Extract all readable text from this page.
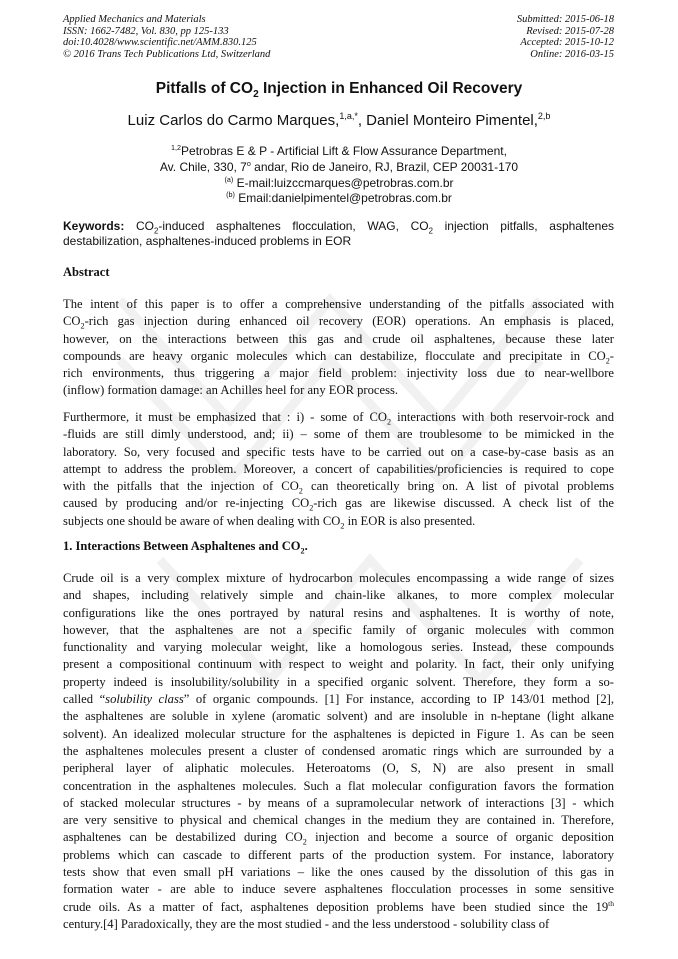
Applied Mechanics and Materials
ISSN: 1662-7482, Vol. 830, pp 125-133
doi:10.4028/www.scientific.net/AMM.830.125
© 2016 Trans Tech Publications Ltd, Switzerland
Submitted: 2015-06-18
Revised: 2015-07-28
Accepted: 2015-10-12
Online: 2016-03-15
Pitfalls of $CO_2$ Injection in Enhanced Oil Recovery
Luiz Carlos do Carmo Marques,$^{1,a,*}$, Daniel Monteiro Pimentel,$^{2,b}$
$^{1,2}$Petrobras E & P - Artificial Lift & Flow Assurance Department,
Av. Chile, 330, 7$^o$ andar, Rio de Janeiro, RJ, Brazil, CEP 20031-170
$^{(a)}$ E-mail:luizccmarques@petrobras.com.br
$^{(b)}$ Email:danielpimentel@petrobras.com.br
Keywords: $CO_2$-induced asphaltenes flocculation, WAG, $CO_2$ injection pitfalls, asphaltenes destabilization, asphaltenes-induced problems in EOR
Abstract
The intent of this paper is to offer a comprehensive understanding of the pitfalls associated with
$CO_2$-rich gas injection during enhanced oil recovery (EOR) operations. An emphasis is placed,
however, on the interactions between this gas and crude oil asphaltenes, because these later
compounds are heavy organic molecules which can destabilize, flocculate and precipitate in $CO_2-$
rich environments, thus triggering a major field problem: injectivity loss due to near-wellbore
(inflow) formation damage: an Achilles heel for any EOR process.
Furthermore, it must be emphasized that : i) - some of $CO_2$ interactions with both reservoir-rock and
-fluids are still dimly understood, and; ii) – some of them are troublesome to be mimicked in the
laboratory. So, very focused and specific tests have to be carried out on a case-by-case basis as an
attempt to address the problem. Moreover, a concert of capabilities/proficiencies is required to cope
with the pitfalls that the injection of $CO_2$ can theoretically bring on. A list of pivotal problems
caused by producing and/or re-injecting $CO_2$-rich gas are likewise discussed. A check list of the
subjects one should be aware of when dealing with $CO_2$ in EOR is also presented.
1. Interactions Between Asphaltenes and $CO_2$.
Crude oil is a very complex mixture of hydrocarbon molecules encompassing a wide range of sizes
and shapes, including relatively simple and chain-like alkanes, to more complex molecular
configurations like the ones portrayed by natural resins and asphaltenes. It is worthy of note,
however, that the asphaltenes are not a specific family of organic molecules with common
functionality and varying molecular weight, like a homologous series. Instead, these compounds
present a compositional continuum with respect to weight and polarity. In fact, their only unifying
property indeed is insolubility/solubility in a specified organic solvent. Therefore, they form a so-
called “solubility class” of organic compounds. [1] For instance, according to IP 143/01 method [2],
the asphaltenes are soluble in xylene (aromatic solvent) and are insoluble in n-heptane (light alkane
solvent). An idealized molecular structure for the asphaltenes is depicted in Figure 1. As can be seen
the asphaltenes molecules present a cluster of condensed aromatic rings which are surrounded by a
peripheral layer of aliphatic molecules. Heteroatoms (O, S, N) are also present in small
concentration in the asphaltenes molecules. Such a flat molecular configuration favors the formation
of stacked molecular structures - by means of a supramolecular network of interactions [3] - which
are very sensitive to physical and chemical changes in the medium they are contained in. Therefore,
asphaltenes can be destabilized during $CO_2$ injection and become a source of organic deposition
problems which can cascade to different parts of the production system. For instance, laboratory
tests show that even small pH variations – like the ones caused by the dissolution of this gas in
formation water - are able to induce severe asphaltenes flocculation processes in some sensitive
crude oils. As a matter of fact, asphaltenes deposition problems have been studied since the 19th
century.[4] Paradoxically, they are the most studied - and the less understood - solubility class of
